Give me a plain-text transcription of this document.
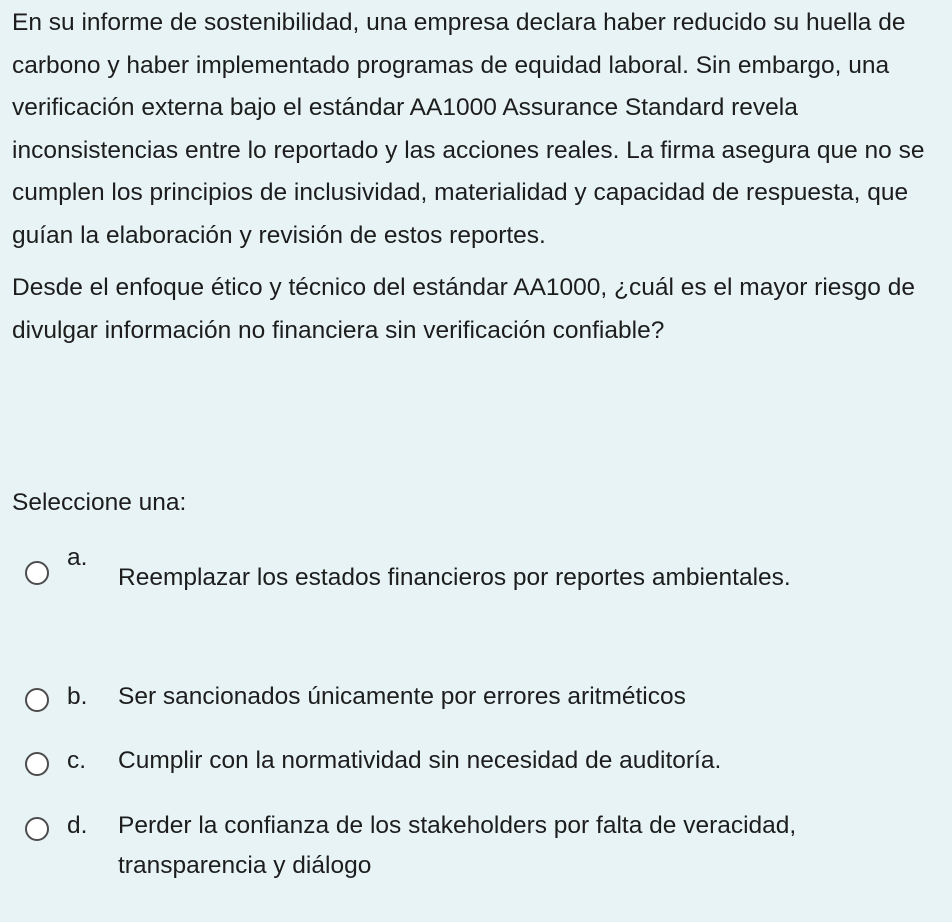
En su informe de sostenibilidad, una empresa declara haber reducido su huella de carbono y haber implementado programas de equidad laboral. Sin embargo, una verificación externa bajo el estándar AA1000 Assurance Standard revela inconsistencias entre lo reportado y las acciones reales. La firma asegura que no se cumplen los principios de inclusividad, materialidad y capacidad de respuesta, que guían la elaboración y revisión de estos reportes.

Desde el enfoque ético y técnico del estándar AA1000, ¿cuál es el mayor riesgo de divulgar información no financiera sin verificación confiable?

Seleccione una:
a.
Reemplazar los estados financieros por reportes ambientales.
b. Ser sancionados únicamente por errores aritméticos
c. Cumplir con la normatividad sin necesidad de auditoría.
d. Perder la confianza de los stakeholders por falta de veracidad, transparencia y diálogo
